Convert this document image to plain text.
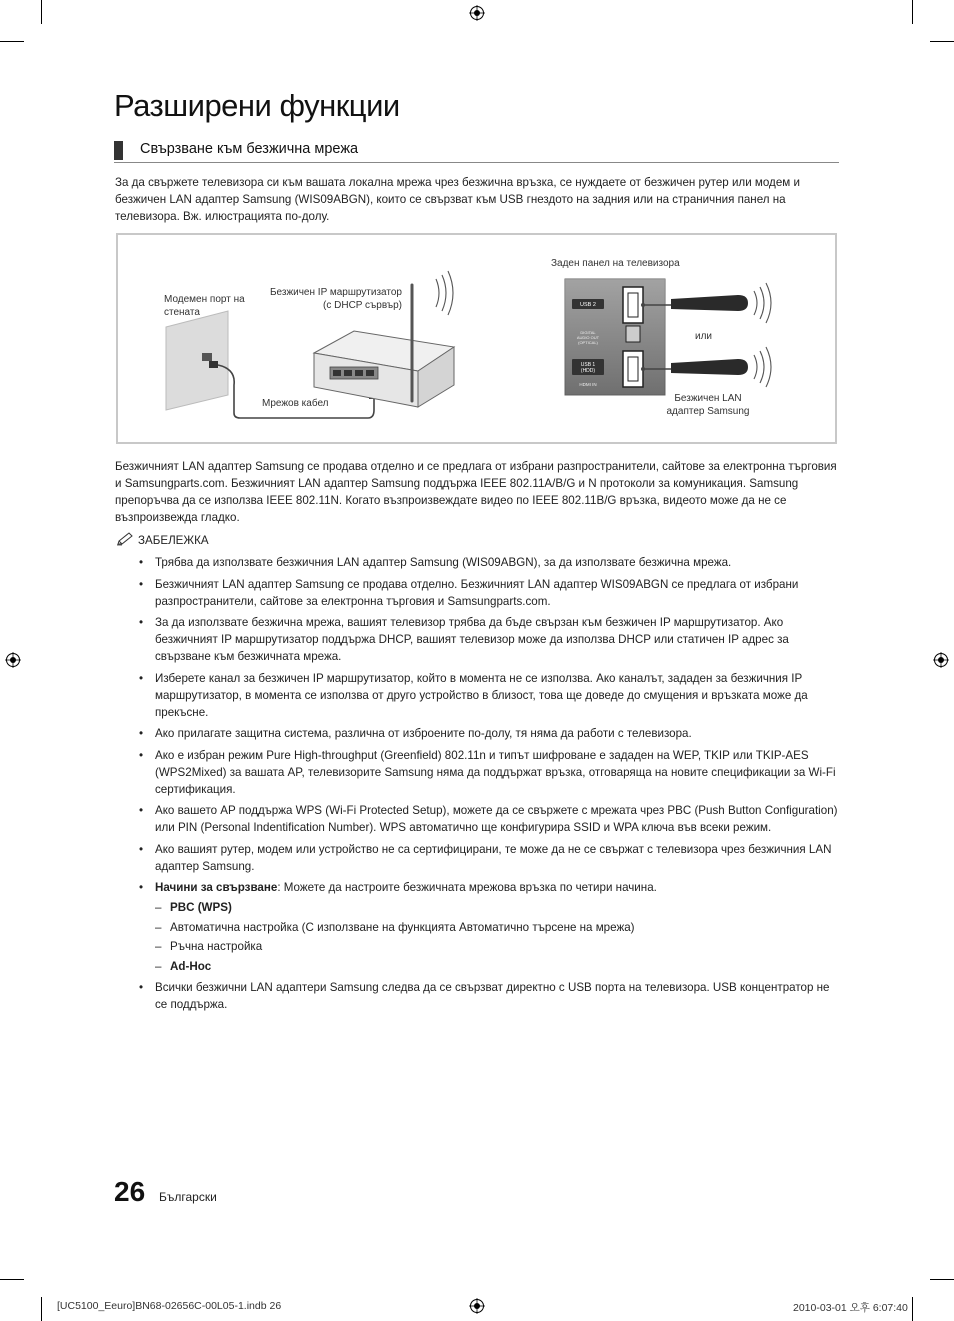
Разширени функции
Свързване към безжична мрежа

За да свържете телевизора си към вашата локална мрежа чрез безжична връзка, се нуждаете от безжичен рутер или модем и безжичен LAN адаптер Samsung (WIS09ABGN), които се свързват към USB гнездото на задния или на страничния панел на телевизора. Вж. илюстрацията по-долу.

USB 2
DIGITAL
AUDIO OUT
(OPTICAL)
USB 1
(HDD)
HDMI IN
Модемен порт на стената
Безжичен IP маршрутизатор (с DHCP сървър)
Мрежов кабел
Заден панел на телевизора
или
Безжичен LAN адаптер Samsung

Безжичният LAN адаптер Samsung се продава отделно и се предлага от избрани разпространители, сайтове за електронна търговия и Samsungparts.com. Безжичният LAN адаптер Samsung поддържа IEEE 802.11A/B/G и N протоколи за комуникация. Samsung препоръчва да се използва IEEE 802.11N. Когато възпроизвеждате видео по IEEE 802.11B/G връзка, видеото може да не се възпроизвежда гладко.

ЗАБЕЛЕЖКА
• Трябва да използвате безжичния LAN адаптер Samsung (WIS09ABGN), за да използвате безжична мрежа.
• Безжичният LAN адаптер Samsung се продава отделно. Безжичният LAN адаптер WIS09ABGN се предлага от избрани разпространители, сайтове за електронна търговия и Samsungparts.com.
• За да използвате безжична мрежа, вашият телевизор трябва да бъде свързан към безжичен IP маршрутизатор. Ако безжичният IP маршрутизатор поддържа DHCP, вашият телевизор може да използва DHCP или статичен IP адрес за свързване към безжичната мрежа.
• Изберете канал за безжичен IP маршрутизатор, който в момента не се използва. Ако каналът, зададен за безжичния IP маршрутизатор, в момента се използва от друго устройство в близост, това ще доведе до смущения и връзката може да прекъсне.
• Ако прилагате защитна система, различна от изброените по-долу, тя няма да работи с телевизора.
• Ако е избран режим Pure High-throughput (Greenfield) 802.11n и типът шифроване е зададен на WEP, TKIP или TKIP-AES (WPS2Mixed) за вашата AP, телевизорите Samsung няма да поддържат връзка, отговаряща на новите спецификации за Wi-Fi сертификация.
• Ако вашето AP поддържа WPS (Wi-Fi Protected Setup), можете да се свържете с мрежата чрез PBC (Push Button Configuration) или PIN (Personal Indentification Number). WPS автоматично ще конфигурира SSID и WPA ключа във всеки режим.
• Ако вашият рутер, модем или устройство не са сертифицирани, те може да не се свържат с телевизора чрез безжичния LAN адаптер Samsung.
• Начини за свързване: Можете да настроите безжичната мрежова връзка по четири начина.
– PBC (WPS)
– Автоматична настройка (С използване на функцията Автоматично търсене на мрежа)
– Ръчна настройка
– Ad-Hoc
• Всички безжични LAN адаптери Samsung следва да се свързват директно с USB порта на телевизора. USB концентратор не се поддържа.
26 Български
[UC5100_Eeuro]BN68-02656C-00L05-1.indb 26	2010-03-01 오후 6:07:40
